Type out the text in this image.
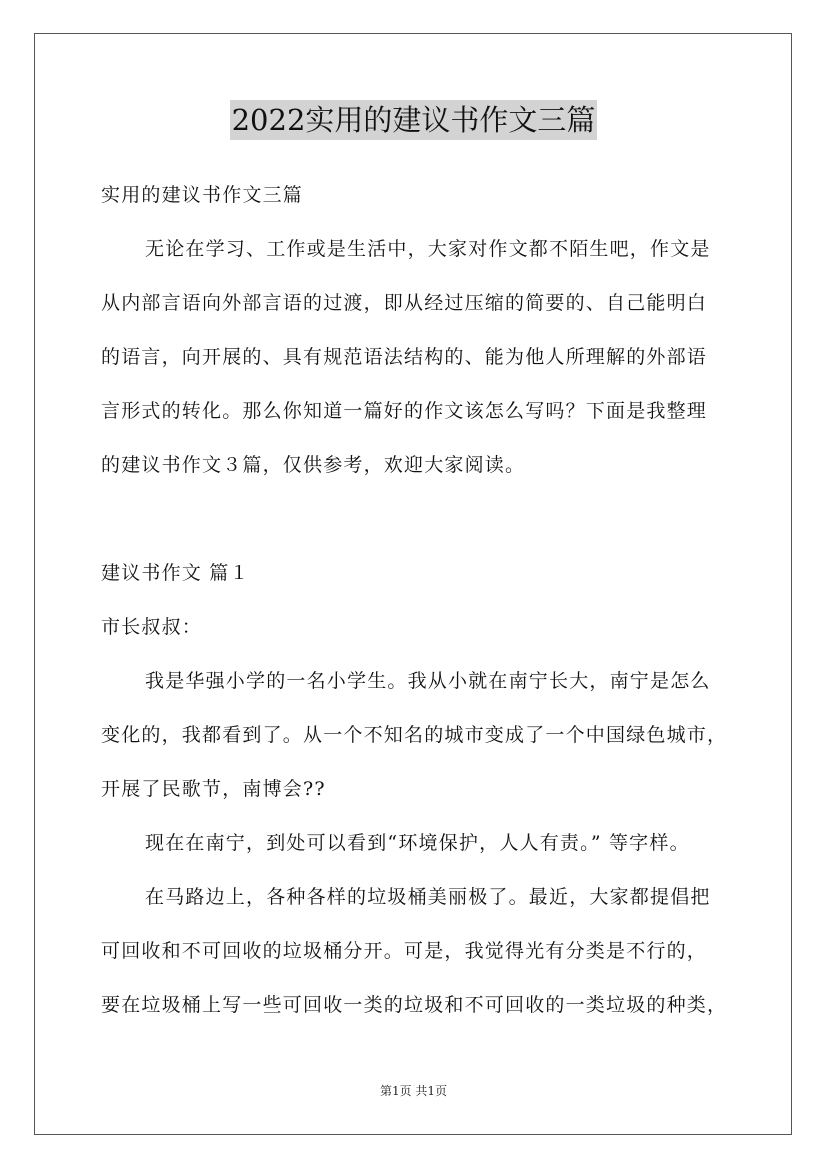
2022实用的建议书作文三篇
实用的建议书作文三篇
无论在学习、工作或是生活中，大家对作文都不陌生吧，作文是
从内部言语向外部言语的过渡，即从经过压缩的简要的、自己能明白
的语言，向开展的、具有规范语法结构的、能为他人所理解的外部语
言形式的转化。那么你知道一篇好的作文该怎么写吗？下面是我整理
的建议书作文３篇，仅供参考，欢迎大家阅读。
建议书作文 篇１
市长叔叔：
我是华强小学的一名小学生。我从小就在南宁长大，南宁是怎么
变化的，我都看到了。从一个不知名的城市变成了一个中国绿色城市，
开展了民歌节，南博会??
现在在南宁，到处可以看到“环境保护，人人有责。” 等字样。
在马路边上，各种各样的垃圾桶美丽极了。最近，大家都提倡把
可回收和不可回收的垃圾桶分开。可是，我觉得光有分类是不行的，
要在垃圾桶上写一些可回收一类的垃圾和不可回收的一类垃圾的种类，
第1页 共1页
